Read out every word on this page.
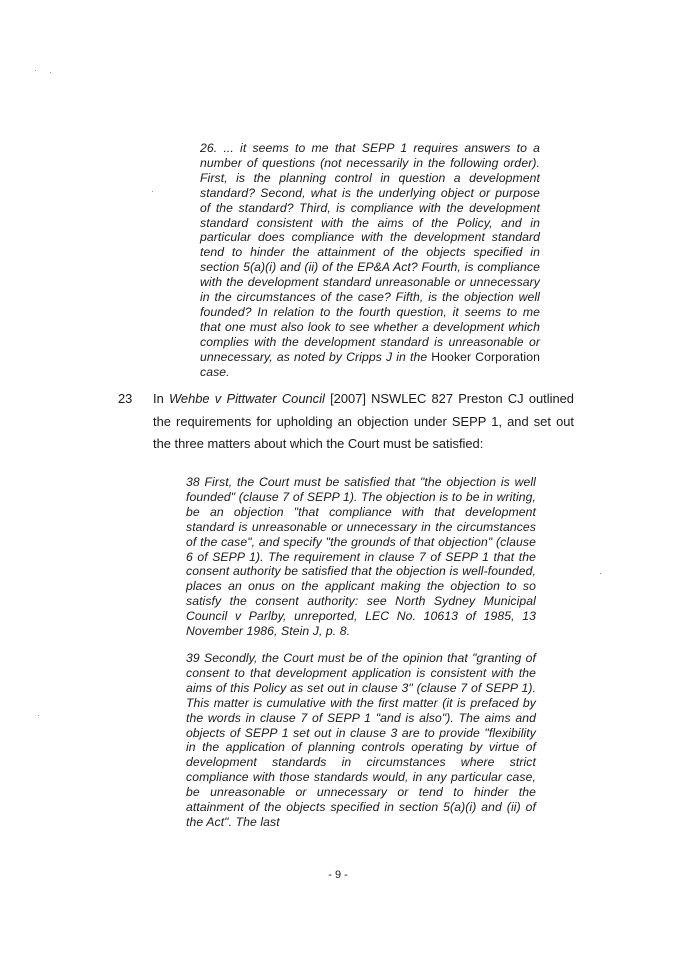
26. ... it seems to me that SEPP 1 requires answers to a number of questions (not necessarily in the following order). First, is the planning control in question a development standard? Second, what is the underlying object or purpose of the standard? Third, is compliance with the development standard consistent with the aims of the Policy, and in particular does compliance with the development standard tend to hinder the attainment of the objects specified in section 5(a)(i) and (ii) of the EP&A Act? Fourth, is compliance with the development standard unreasonable or unnecessary in the circumstances of the case? Fifth, is the objection well founded? In relation to the fourth question, it seems to me that one must also look to see whether a development which complies with the development standard is unreasonable or unnecessary, as noted by Cripps J in the Hooker Corporation case.

23 In Wehbe v Pittwater Council [2007] NSWLEC 827 Preston CJ outlined the requirements for upholding an objection under SEPP 1, and set out the three matters about which the Court must be satisfied:

38 First, the Court must be satisfied that "the objection is well founded" (clause 7 of SEPP 1). The objection is to be in writing, be an objection "that compliance with that development standard is unreasonable or unnecessary in the circumstances of the case", and specify "the grounds of that objection" (clause 6 of SEPP 1). The requirement in clause 7 of SEPP 1 that the consent authority be satisfied that the objection is well-founded, places an onus on the applicant making the objection to so satisfy the consent authority: see North Sydney Municipal Council v Parlby, unreported, LEC No. 10613 of 1985, 13 November 1986, Stein J, p. 8.

39 Secondly, the Court must be of the opinion that "granting of consent to that development application is consistent with the aims of this Policy as set out in clause 3" (clause 7 of SEPP 1). This matter is cumulative with the first matter (it is prefaced by the words in clause 7 of SEPP 1 "and is also"). The aims and objects of SEPP 1 set out in clause 3 are to provide "flexibility in the application of planning controls operating by virtue of development standards in circumstances where strict compliance with those standards would, in any particular case, be unreasonable or unnecessary or tend to hinder the attainment of the objects specified in section 5(a)(i) and (ii) of the Act". The last

- 9 -
